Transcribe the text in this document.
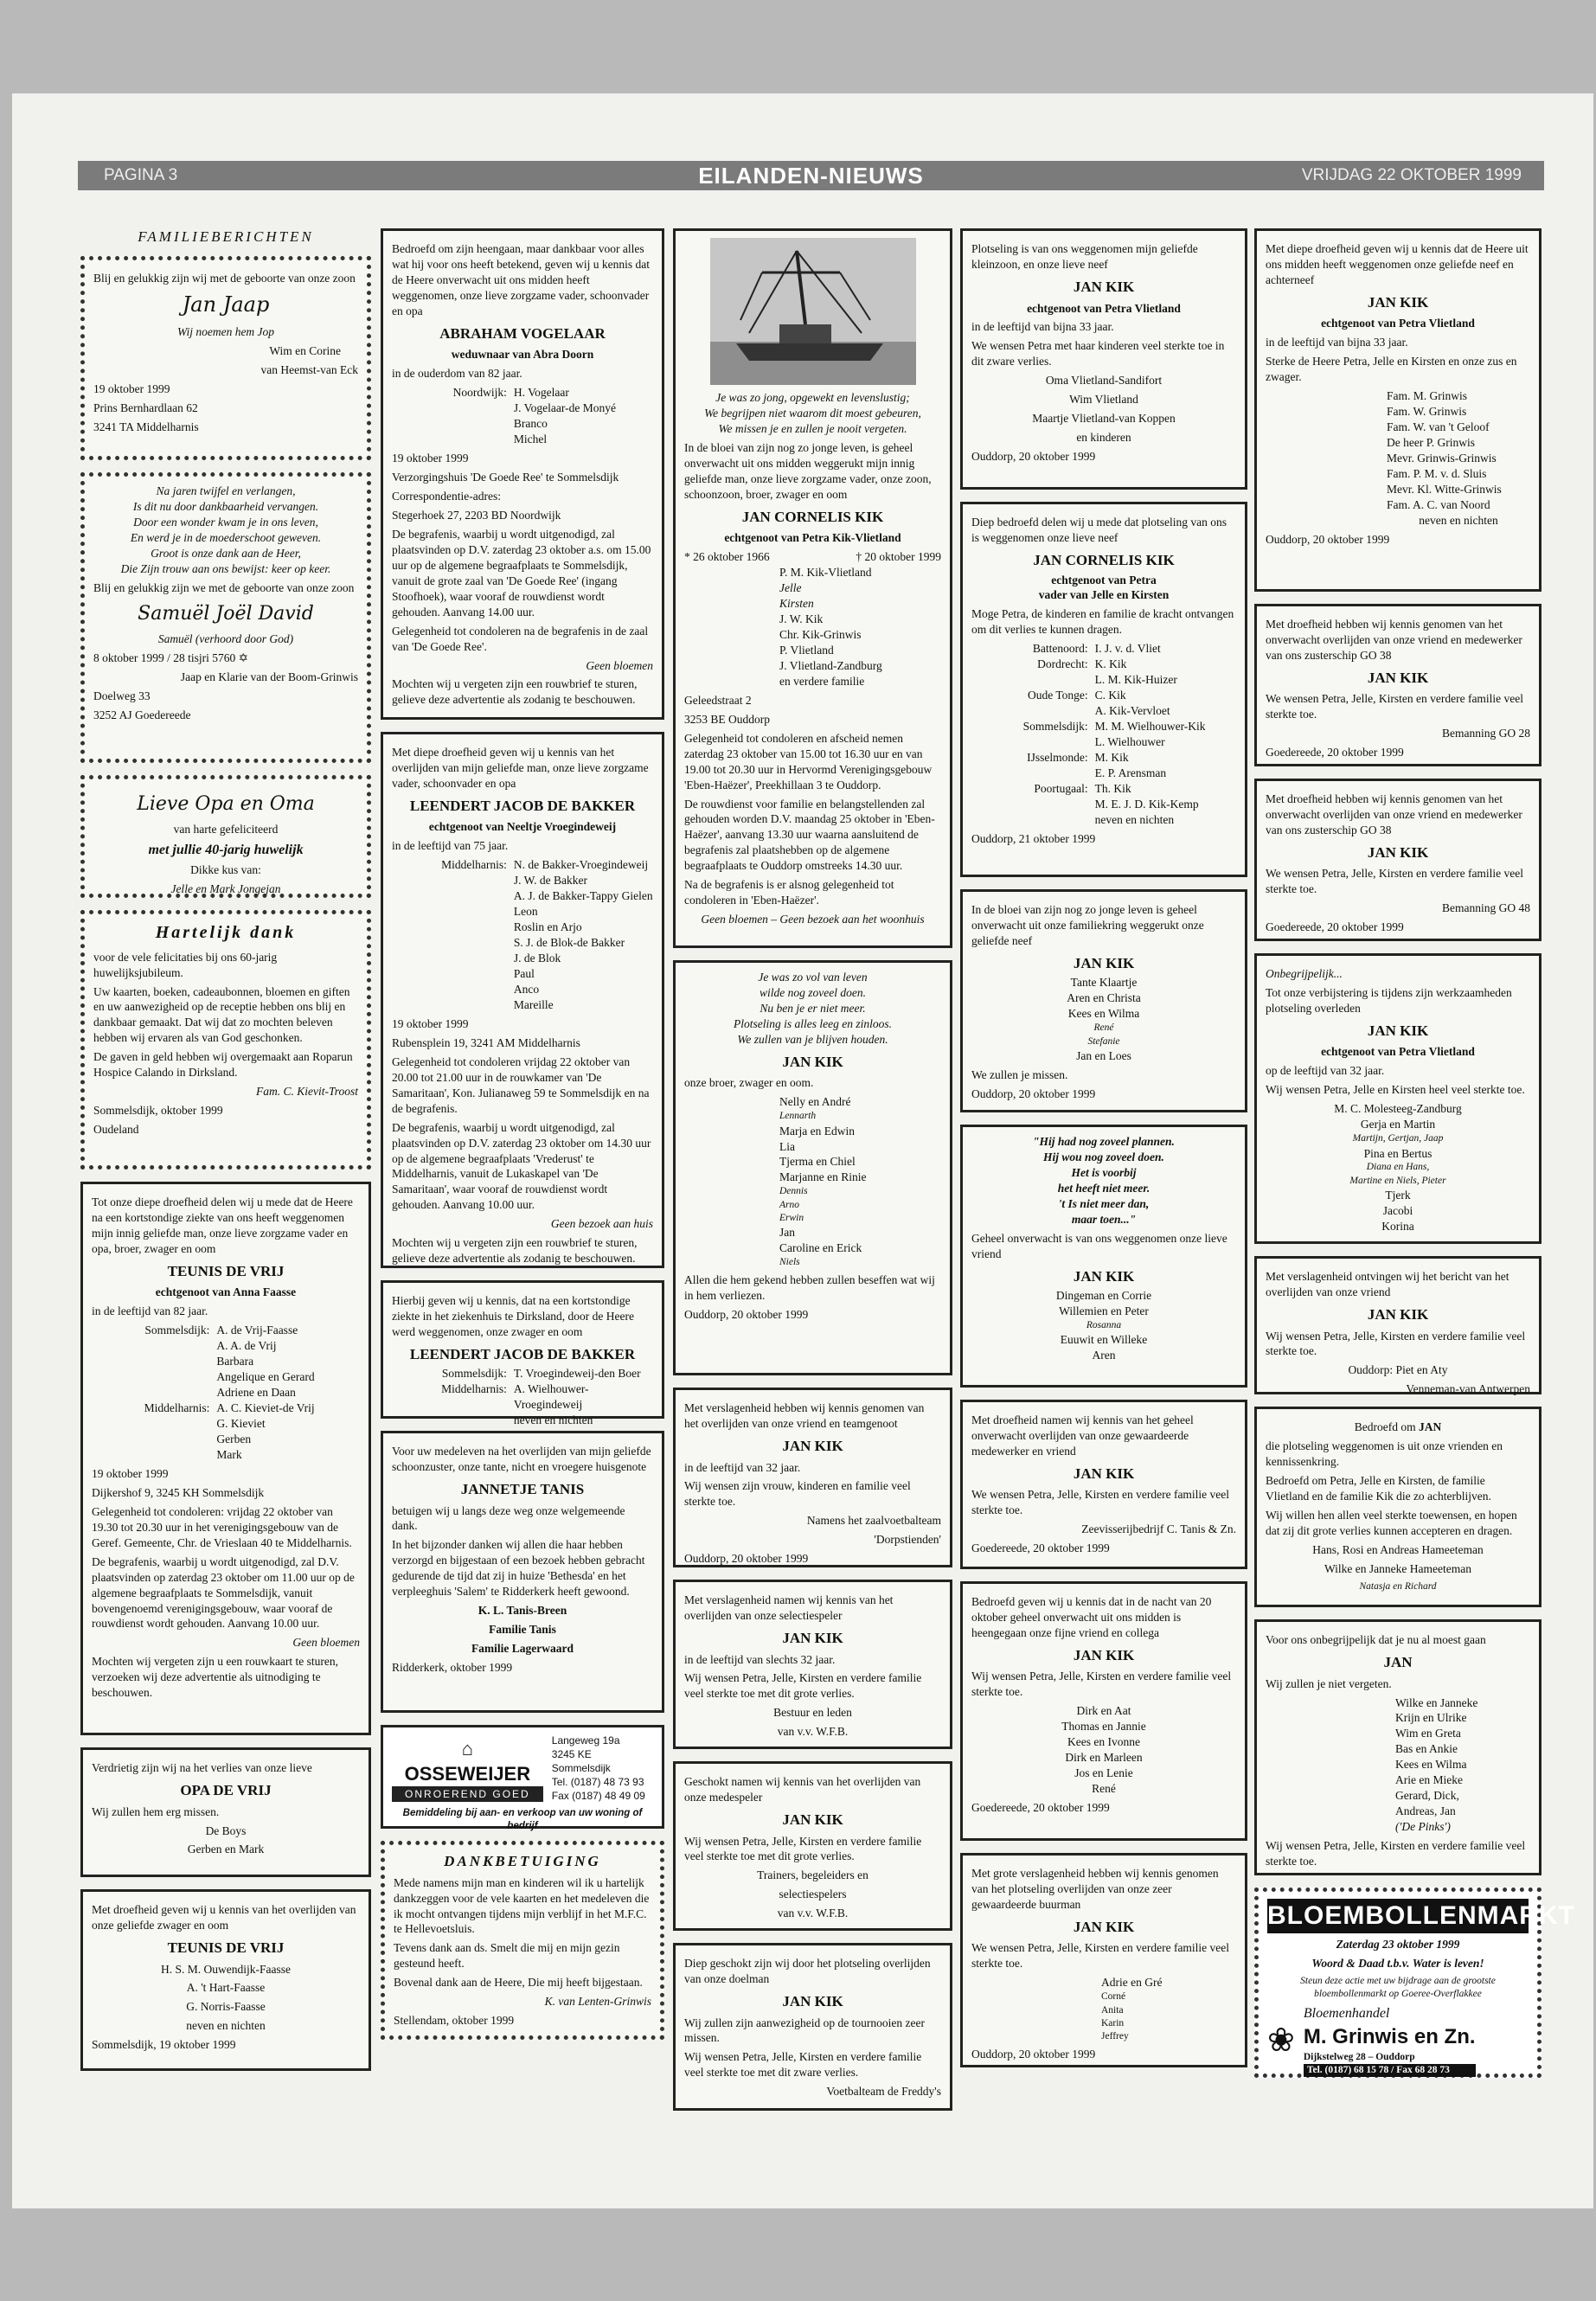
PAGINA 3	EILANDEN-NIEUWS	VRIJDAG 22 OKTOBER 1999
FAMILIEBERICHTEN

Blij en gelukkig zijn wij met de geboorte van onze zoon

Jan Jaap

Wij noemen hem Jop

Wim en Corine

van Heemst-van Eck

19 oktober 1999

Prins Bernhardlaan 62

3241 TA Middelharnis

Na jaren twijfel en verlangen,
Is dit nu door dankbaarheid vervangen.
Door een wonder kwam je in ons leven,
En werd je in de moederschoot geweven.
Groot is onze dank aan de Heer,
Die Zijn trouw aan ons bewijst: keer op keer.

Blij en gelukkig zijn we met de geboorte van onze zoon

Samuël Joël David

Samuël (verhoord door God)

8 oktober 1999 / 28 tisjri 5760 ✡

Jaap en Klarie van der Boom-Grinwis

Doelweg 33

3252 AJ Goedereede

Lieve Opa en Oma

van harte gefeliciteerd

met jullie 40-jarig huwelijk

Dikke kus van:

Jelle en Mark Jongejan

Hartelijk dank

voor de vele felicitaties bij ons 60-jarig huwelijksjubileum.

Uw kaarten, boeken, cadeaubonnen, bloemen en giften en uw aanwezigheid op de receptie hebben ons blij en dankbaar gemaakt. Dat wij dat zo mochten beleven hebben wij ervaren als van God geschonken.

De gaven in geld hebben wij overgemaakt aan Roparun Hospice Calando in Dirksland.

Fam. C. Kievit-Troost

Sommelsdijk, oktober 1999

Oudeland

Tot onze diepe droefheid delen wij u mede dat de Heere na een kortstondige ziekte van ons heeft weggenomen mijn innig geliefde man, onze lieve zorgzame vader en opa, broer, zwager en oom

TEUNIS DE VRIJ

echtgenoot van Anna Faasse

in de leeftijd van 82 jaar.

Sommelsdijk: A. de Vrij-Faasse
A. A. de Vrij
Barbara
Angelique en Gerard
Adriene en Daan
Middelharnis: A. C. Kieviet-de Vrij
G. Kieviet
Gerben
Mark

19 oktober 1999

Dijkershof 9, 3245 KH Sommelsdijk

Gelegenheid tot condoleren: vrijdag 22 oktober van 19.30 tot 20.30 uur in het verenigingsgebouw van de Geref. Gemeente, Chr. de Vrieslaan 40 te Middelharnis.

De begrafenis, waarbij u wordt uitgenodigd, zal D.V. plaatsvinden op zaterdag 23 oktober om 11.00 uur op de algemene begraafplaats te Sommelsdijk, vanuit bovengenoemd verenigingsgebouw, waar vooraf de rouwdienst wordt gehouden. Aanvang 10.00 uur.

Geen bloemen

Mochten wij vergeten zijn u een rouwkaart te sturen, verzoeken wij deze advertentie als uitnodiging te beschouwen.

Verdrietig zijn wij na het verlies van onze lieve

OPA DE VRIJ

Wij zullen hem erg missen.

De Boys

Gerben en Mark

Met droefheid geven wij u kennis van het overlijden van onze geliefde zwager en oom

TEUNIS DE VRIJ

H. S. M. Ouwendijk-Faasse

A. 't Hart-Faasse

G. Norris-Faasse

neven en nichten

Sommelsdijk, 19 oktober 1999

Bedroefd om zijn heengaan, maar dankbaar voor alles wat hij voor ons heeft betekend, geven wij u kennis dat de Heere onverwacht uit ons midden heeft weggenomen, onze lieve zorgzame vader, schoonvader en opa

ABRAHAM VOGELAAR

weduwnaar van Abra Doorn

in de ouderdom van 82 jaar.

Noordwijk: H. Vogelaar
J. Vogelaar-de Monyé
Branco
Michel

19 oktober 1999

Verzorgingshuis 'De Goede Ree' te Sommelsdijk

Correspondentie-adres:

Stegerhoek 27, 2203 BD Noordwijk

De begrafenis, waarbij u wordt uitgenodigd, zal plaatsvinden op D.V. zaterdag 23 oktober a.s. om 15.00 uur op de algemene begraafplaats te Sommelsdijk, vanuit de grote zaal van 'De Goede Ree' (ingang Stoofhoek), waar vooraf de rouwdienst wordt gehouden. Aanvang 14.00 uur.

Gelegenheid tot condoleren na de begrafenis in de zaal van 'De Goede Ree'.

Geen bloemen

Mochten wij u vergeten zijn een rouwbrief te sturen, gelieve deze advertentie als zodanig te beschouwen.

Met diepe droefheid geven wij u kennis van het overlijden van mijn geliefde man, onze lieve zorgzame vader, schoonvader en opa

LEENDERT JACOB DE BAKKER

echtgenoot van Neeltje Vroegindeweij

in de leeftijd van 75 jaar.

Middelharnis: N. de Bakker-Vroegindeweij
J. W. de Bakker
A. J. de Bakker-Tappy Gielen
Leon
Roslin en Arjo
S. J. de Blok-de Bakker
J. de Blok
Paul
Anco
Mareille

19 oktober 1999

Rubensplein 19, 3241 AM Middelharnis

Gelegenheid tot condoleren vrijdag 22 oktober van 20.00 tot 21.00 uur in de rouwkamer van 'De Samaritaan', Kon. Julianaweg 59 te Sommelsdijk en na de begrafenis.

De begrafenis, waarbij u wordt uitgenodigd, zal plaatsvinden op D.V. zaterdag 23 oktober om 14.30 uur op de algemene begraafplaats 'Vrederust' te Middelharnis, vanuit de Lukaskapel van 'De Samaritaan', waar vooraf de rouwdienst wordt gehouden. Aanvang 10.00 uur.

Geen bezoek aan huis

Mochten wij u vergeten zijn een rouwbrief te sturen, gelieve deze advertentie als zodanig te beschouwen.

Hierbij geven wij u kennis, dat na een kortstondige ziekte in het ziekenhuis te Dirksland, door de Heere werd weggenomen, onze zwager en oom

LEENDERT JACOB DE BAKKER
Sommelsdijk: T. Vroegindeweij-den Boer
Middelharnis: A. Wielhouwer-Vroegindeweij
neven en nichten

Voor uw medeleven na het overlijden van mijn geliefde schoonzuster, onze tante, nicht en vroegere huisgenote

JANNETJE TANIS

betuigen wij u langs deze weg onze welgemeende dank.

In het bijzonder danken wij allen die haar hebben verzorgd en bijgestaan of een bezoek hebben gebracht gedurende de tijd dat zij in huize 'Bethesda' en het verpleeghuis 'Salem' te Ridderkerk heeft gewoond.

K. L. Tanis-Breen

Familie Tanis

Familie Lagerwaard

Ridderkerk, oktober 1999

⌂
OSSEWEIJER
ONROEREND GOED
Langeweg 19a
3245 KE Sommelsdijk
Tel. (0187) 48 73 93
Fax (0187) 48 49 09

Bemiddeling bij aan- en verkoop van uw woning of bedrijf

DANKBETUIGING

Mede namens mijn man en kinderen wil ik u hartelijk dankzeggen voor de vele kaarten en het medeleven die ik mocht ontvangen tijdens mijn verblijf in het M.F.C. te Hellevoetsluis.

Tevens dank aan ds. Smelt die mij en mijn gezin gesteund heeft.

Bovenal dank aan de Heere, Die mij heeft bijgestaan.

K. van Lenten-Grinwis

Stellendam, oktober 1999

Je was zo jong, opgewekt en levenslustig;
We begrijpen niet waarom dit moest gebeuren,
We missen je en zullen je nooit vergeten.

In de bloei van zijn nog zo jonge leven, is geheel onverwacht uit ons midden weggerukt mijn innig geliefde man, onze lieve zorgzame vader, onze zoon, schoonzoon, broer, zwager en oom

JAN CORNELIS KIK

echtgenoot van Petra Kik-Vlietland

* 26 oktober 1966	† 20 oktober 1999
P. M. Kik-Vlietland
Jelle
Kirsten
J. W. Kik
Chr. Kik-Grinwis
P. Vlietland
J. Vlietland-Zandburg
en verdere familie

Geleedstraat 2

3253 BE Ouddorp

Gelegenheid tot condoleren en afscheid nemen zaterdag 23 oktober van 15.00 tot 16.30 uur en van 19.00 tot 20.30 uur in Hervormd Verenigingsgebouw 'Eben-Haëzer', Preekhillaan 3 te Ouddorp.

De rouwdienst voor familie en belangstellenden zal gehouden worden D.V. maandag 25 oktober in 'Eben-Haëzer', aanvang 13.30 uur waarna aansluitend de begrafenis zal plaatshebben op de algemene begraafplaats te Ouddorp omstreeks 14.30 uur.

Na de begrafenis is er alsnog gelegenheid tot condoleren in 'Eben-Haëzer'.

Geen bloemen – Geen bezoek aan het woonhuis

Je was zo vol van leven
wilde nog zoveel doen.
Nu ben je er niet meer.
Plotseling is alles leeg en zinloos.
We zullen van je blijven houden.
JAN KIK

onze broer, zwager en oom.

Nelly en André
Lennarth
Marja en Edwin
Lia
Tjerma en Chiel
Marjanne en Rinie
Dennis
Arno
Erwin
Jan
Caroline en Erick
Niels

Allen die hem gekend hebben zullen beseffen wat wij in hem verliezen.

Ouddorp, 20 oktober 1999

Met verslagenheid hebben wij kennis genomen van het overlijden van onze vriend en teamgenoot

JAN KIK

in de leeftijd van 32 jaar.

Wij wensen zijn vrouw, kinderen en familie veel sterkte toe.

Namens het zaalvoetbalteam

'Dorpstienden'

Ouddorp, 20 oktober 1999

Met verslagenheid namen wij kennis van het overlijden van onze selectiespeler

JAN KIK

in de leeftijd van slechts 32 jaar.

Wij wensen Petra, Jelle, Kirsten en verdere familie veel sterkte toe met dit grote verlies.

Bestuur en leden

van v.v. W.F.B.

Geschokt namen wij kennis van het overlijden van onze medespeler

JAN KIK

Wij wensen Petra, Jelle, Kirsten en verdere familie veel sterkte toe met dit grote verlies.

Trainers, begeleiders en

selectiespelers

van v.v. W.F.B.

Diep geschokt zijn wij door het plotseling overlijden van onze doelman

JAN KIK

Wij zullen zijn aanwezigheid op de tournooien zeer missen.

Wij wensen Petra, Jelle, Kirsten en verdere familie veel sterkte toe met dit zware verlies.

Voetbalteam de Freddy's

Plotseling is van ons weggenomen mijn geliefde kleinzoon, en onze lieve neef

JAN KIK

echtgenoot van Petra Vlietland

in de leeftijd van bijna 33 jaar.

We wensen Petra met haar kinderen veel sterkte toe in dit zware verlies.

Oma Vlietland-Sandifort

Wim Vlietland

Maartje Vlietland-van Koppen

en kinderen

Ouddorp, 20 oktober 1999

Diep bedroefd delen wij u mede dat plotseling van ons is weggenomen onze lieve neef

JAN CORNELIS KIK

echtgenoot van Petra

vader van Jelle en Kirsten

Moge Petra, de kinderen en familie de kracht ontvangen om dit verlies te kunnen dragen.

Battenoord: I. J. v. d. Vliet
Dordrecht: K. Kik
L. M. Kik-Huizer
Oude Tonge: C. Kik
A. Kik-Vervloet
Sommelsdijk: M. M. Wielhouwer-Kik
L. Wielhouwer
IJsselmonde: M. Kik
E. P. Arensman
Poortugaal: Th. Kik
M. E. J. D. Kik-Kemp
neven en nichten

Ouddorp, 21 oktober 1999

In de bloei van zijn nog zo jonge leven is geheel onverwacht uit onze familiekring weggerukt onze geliefde neef

JAN KIK
Tante Klaartje
Aren en Christa
Kees en Wilma
René
Stefanie
Jan en Loes

We zullen je missen.

Ouddorp, 20 oktober 1999

"Hij had nog zoveel plannen.
Hij wou nog zoveel doen.
Het is voorbij
het heeft niet meer.
't Is niet meer dan,
maar toen..."

Geheel onverwacht is van ons weggenomen onze lieve vriend

JAN KIK
Dingeman en Corrie
Willemien en Peter
Rosanna
Euuwit en Willeke
Aren

Met droefheid namen wij kennis van het geheel onverwacht overlijden van onze gewaardeerde medewerker en vriend

JAN KIK

We wensen Petra, Jelle, Kirsten en verdere familie veel sterkte toe.

Zeevisserijbedrijf C. Tanis & Zn.

Goedereede, 20 oktober 1999

Bedroefd geven wij u kennis dat in de nacht van 20 oktober geheel onverwacht uit ons midden is heengegaan onze fijne vriend en collega

JAN KIK

Wij wensen Petra, Jelle, Kirsten en verdere familie veel sterkte toe.

Dirk en Aat
Thomas en Jannie
Kees en Ivonne
Dirk en Marleen
Jos en Lenie
René

Goedereede, 20 oktober 1999

Met grote verslagenheid hebben wij kennis genomen van het plotseling overlijden van onze zeer gewaardeerde buurman

JAN KIK

We wensen Petra, Jelle, Kirsten en verdere familie veel sterkte toe.

Adrie en Gré
Corné
Anita
Karin
Jeffrey

Ouddorp, 20 oktober 1999

Met diepe droefheid geven wij u kennis dat de Heere uit ons midden heeft weggenomen onze geliefde neef en achterneef

JAN KIK

echtgenoot van Petra Vlietland

in de leeftijd van bijna 33 jaar.

Sterke de Heere Petra, Jelle en Kirsten en onze zus en zwager.

Fam. M. Grinwis
Fam. W. Grinwis
Fam. W. van 't Geloof
De heer P. Grinwis
Mevr. Grinwis-Grinwis
Fam. P. M. v. d. Sluis
Mevr. Kl. Witte-Grinwis
Fam. A. C. van Noord
neven en nichten

Ouddorp, 20 oktober 1999

Met droefheid hebben wij kennis genomen van het onverwacht overlijden van onze vriend en medewerker van ons zusterschip GO 38

JAN KIK

We wensen Petra, Jelle, Kirsten en verdere familie veel sterkte toe.

Bemanning GO 28

Goedereede, 20 oktober 1999

Met droefheid hebben wij kennis genomen van het onverwacht overlijden van onze vriend en medewerker van ons zusterschip GO 38

JAN KIK

We wensen Petra, Jelle, Kirsten en verdere familie veel sterkte toe.

Bemanning GO 48

Goedereede, 20 oktober 1999

Onbegrijpelijk...

Tot onze verbijstering is tijdens zijn werkzaamheden plotseling overleden

JAN KIK

echtgenoot van Petra Vlietland

op de leeftijd van 32 jaar.

Wij wensen Petra, Jelle en Kirsten heel veel sterkte toe.

M. C. Molesteeg-Zandburg
Gerja en Martin
Martijn, Gertjan, Jaap
Pina en Bertus
Diana en Hans,
Martine en Niels, Pieter
Tjerk
Jacobi
Korina

Met verslagenheid ontvingen wij het bericht van het overlijden van onze vriend

JAN KIK

Wij wensen Petra, Jelle, Kirsten en verdere familie veel sterkte toe.

Ouddorp: Piet en Aty

Venneman-van Antwerpen

Bedroefd om JAN

die plotseling weggenomen is uit onze vrienden en kennissenkring.

Bedroefd om Petra, Jelle en Kirsten, de familie Vlietland en de familie Kik die zo achterblijven.

Wij willen hen allen veel sterkte toewensen, en hopen dat zij dit grote verlies kunnen accepteren en dragen.

Hans, Rosi en Andreas Hameeteman

Wilke en Janneke Hameeteman

Natasja en Richard

Voor ons onbegrijpelijk dat je nu al moest gaan

JAN

Wij zullen je niet vergeten.

Wilke en Janneke
Krijn en Ulrike
Wim en Greta
Bas en Ankie
Kees en Wilma
Arie en Mieke
Gerard, Dick,
Andreas, Jan
('De Pinks')

Wij wensen Petra, Jelle, Kirsten en verdere familie veel sterkte toe.

BLOEMBOLLENMARKT

Zaterdag 23 oktober 1999

Woord & Daad t.b.v. Water is leven!

Steun deze actie met uw bijdrage aan de grootste bloembollenmarkt op Goeree-Overflakkee

❀
Bloemenhandel
M. Grinwis en Zn.
Dijkstelweg 28 – Ouddorp
Tel. (0187) 68 15 78 / Fax 68 28 73
